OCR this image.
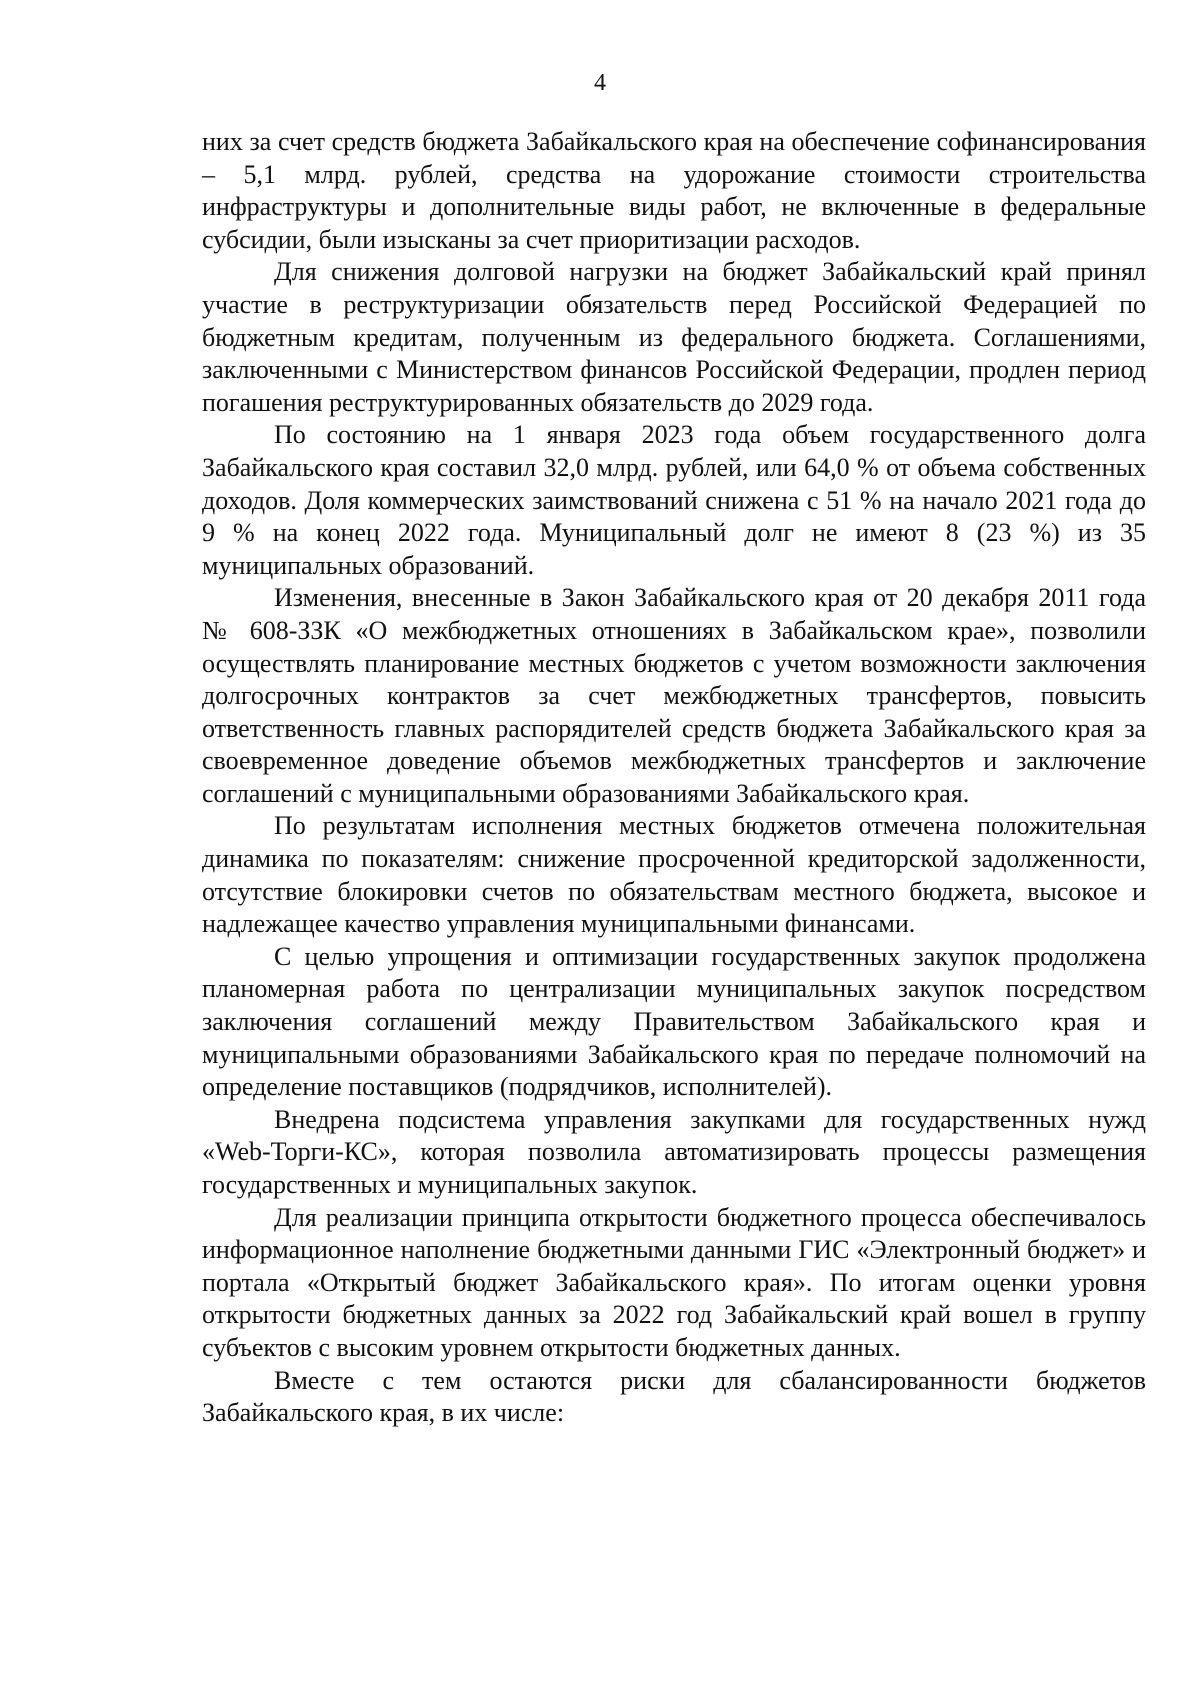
4

них за счет средств бюджета Забайкальского края на обеспечение софинансирования – 5,1 млрд. рублей, средства на удорожание стоимости строительства инфраструктуры и дополнительные виды работ, не включенные в федеральные субсидии, были изысканы за счет приоритизации расходов.

Для снижения долговой нагрузки на бюджет Забайкальский край принял участие в реструктуризации обязательств перед Российской Федерацией по бюджетным кредитам, полученным из федерального бюджета. Соглашениями, заключенными с Министерством финансов Российской Федерации, продлен период погашения реструктурированных обязательств до 2029 года.

По состоянию на 1 января 2023 года объем государственного долга Забайкальского края составил 32,0 млрд. рублей, или 64,0 % от объема собственных доходов. Доля коммерческих заимствований снижена с 51 % на начало 2021 года до 9 % на конец 2022 года. Муниципальный долг не имеют 8 (23 %) из 35 муниципальных образований.

Изменения, внесенные в Закон Забайкальского края от 20 декабря 2011 года № 608-ЗЗК «О межбюджетных отношениях в Забайкальском крае», позволили осуществлять планирование местных бюджетов с учетом возможности заключения долгосрочных контрактов за счет межбюджетных трансфертов, повысить ответственность главных распорядителей средств бюджета Забайкальского края за своевременное доведение объемов межбюджетных трансфертов и заключение соглашений с муниципальными образованиями Забайкальского края.

По результатам исполнения местных бюджетов отмечена положительная динамика по показателям: снижение просроченной кредиторской задолженности, отсутствие блокировки счетов по обязательствам местного бюджета, высокое и надлежащее качество управления муниципальными финансами.

С целью упрощения и оптимизации государственных закупок продолжена планомерная работа по централизации муниципальных закупок посредством заключения соглашений между Правительством Забайкальского края и муниципальными образованиями Забайкальского края по передаче полномочий на определение поставщиков (подрядчиков, исполнителей).

Внедрена подсистема управления закупками для государственных нужд «Web-Торги-КС», которая позволила автоматизировать процессы размещения государственных и муниципальных закупок.

Для реализации принципа открытости бюджетного процесса обеспечивалось информационное наполнение бюджетными данными ГИС «Электронный бюджет» и портала «Открытый бюджет Забайкальского края». По итогам оценки уровня открытости бюджетных данных за 2022 год Забайкальский край вошел в группу субъектов с высоким уровнем открытости бюджетных данных.

Вместе с тем остаются риски для сбалансированности бюджетов Забайкальского края, в их числе:
